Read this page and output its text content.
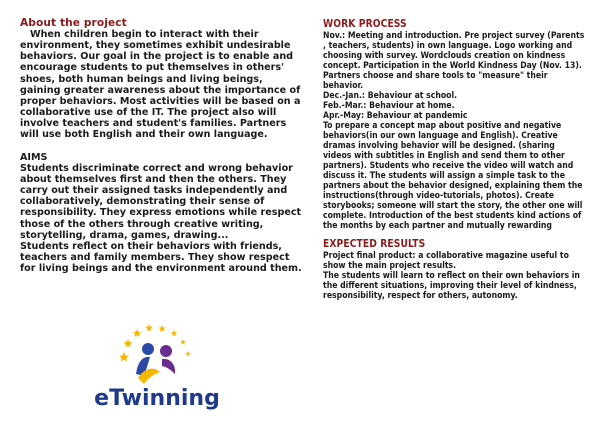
About the project

When children begin to interact with their environment, they sometimes exhibit undesirable behaviors. Our goal in the project is to enable and encourage students to put themselves in others' shoes, both human beings and living beings, gaining greater awareness about the importance of proper behaviors. Most activities will be based on a collaborative use of the IT. The project also will involve teachers and student's families. Partners will use both English and their own language.

AIMS

Students discriminate correct and wrong behavior about themselves first and then the others. They carry out their assigned tasks independently and collaboratively, demonstrating their sense of responsibility. They express emotions while respect those of the others through creative writing, storytelling, drama, games, drawing...

Students reflect on their behaviors with friends, teachers and family members. They show respect for living beings and the environment around them.

eTwinning
WORK PROCESS

Nov.: Meeting and introduction. Pre project survey (Parents , teachers, students) in own language. Logo working and choosing with survey. Wordclouds creation on kindness concept. Participation in the World Kindness Day (Nov. 13). Partners choose and share tools to "measure" their behavior.

Dec.-Jan.: Behaviour at school.

Feb.-Mar.: Behaviour at home.

Apr.-May: Behaviour at pandemic

To prepare a concept map about positive and negative behaviors(in our own language and English). Creative dramas involving behavior will be designed. (sharing videos with subtitles in English and send them to other partners). Students who receive the video will watch and discuss it. The students will assign a simple task to the partners about the behavior designed, explaining them the instructions(through video-tutorials, photos). Create storybooks; someone will start the story, the other one will complete. Introduction of the best students kind actions of the months by each partner and mutually rewarding

EXPECTED RESULTS

Project final product: a collaborative magazine useful to show the main project results.

The students will learn to reflect on their own behaviors in the different situations, improving their level of kindness, responsibility, respect for others, autonomy.
